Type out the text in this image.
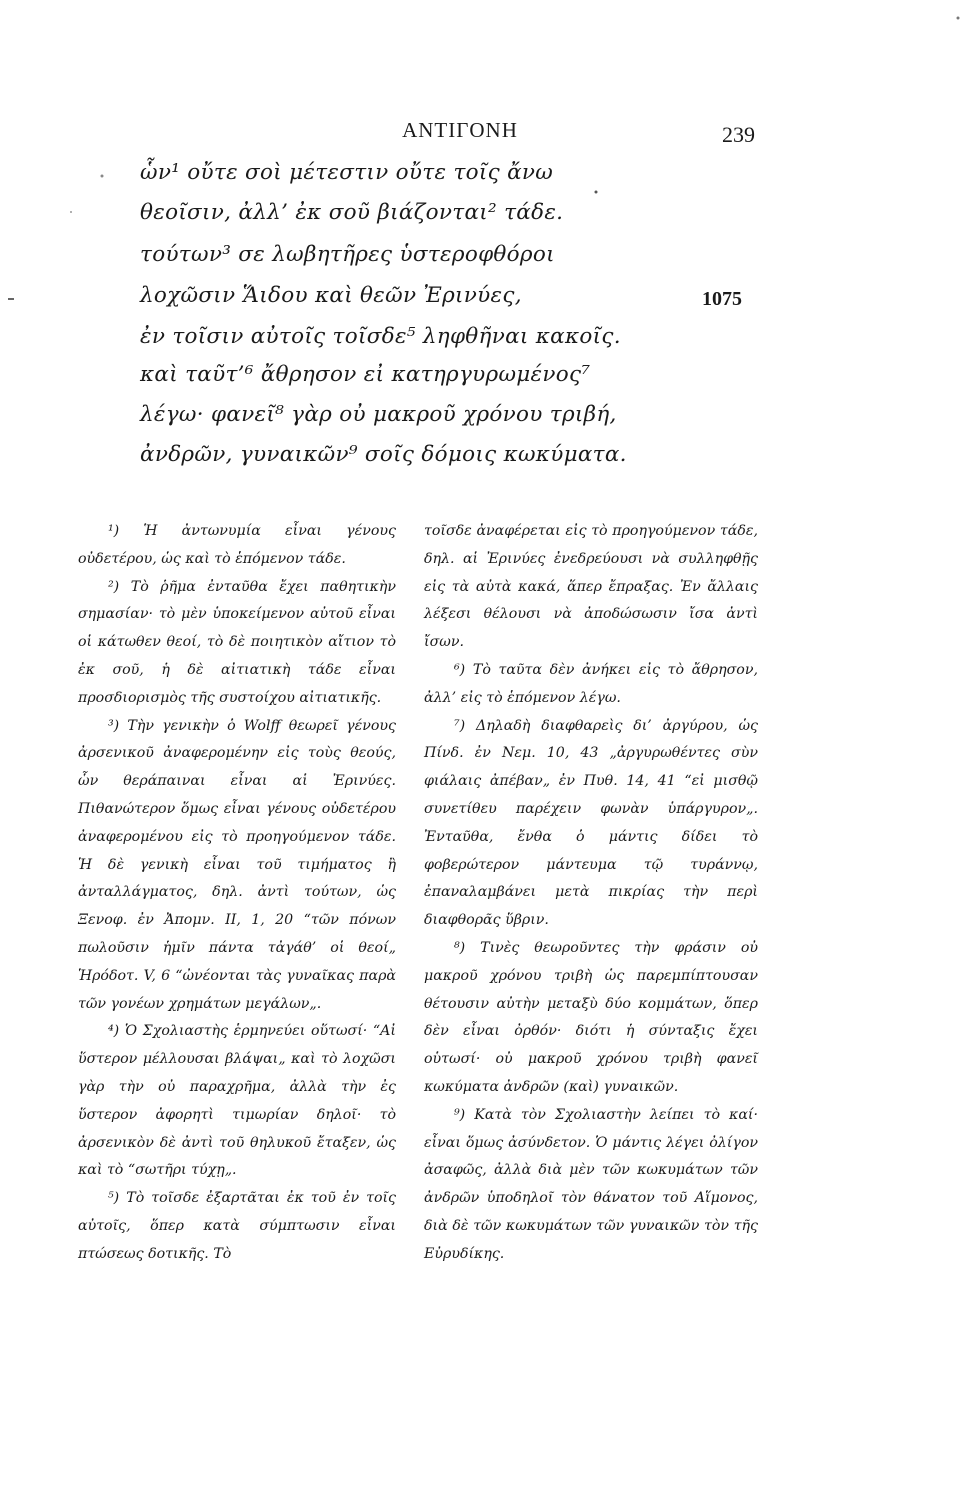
ΑΝΤΙΓΟΝΗ	239
ὧν¹ οὔτε σοὶ μέτεστιν οὔτε τοῖς ἄνω
θεοῖσιν, ἀλλ’ ἐκ σοῦ βιάζονται² τάδε.
τούτων³ σε λωβητῆρες ὑστεροφθόροι
λοχῶσιν Ἅιδου καὶ θεῶν Ἐρινύες,
ἐν τοῖσιν αὐτοῖς τοῖσδε⁵ ληφθῆναι κακοῖς.
καὶ ταῦτ’⁶ ἄθρησον εἰ κατηργυρωμένος⁷
λέγω· φανεῖ⁸ γὰρ οὐ μακροῦ χρόνου τριβή,
ἀνδρῶν, γυναικῶν⁹ σοῖς δόμοις κωκύματα.
1075

¹) Ἡ ἀντωνυμία εἶναι γένους οὐδετέρου, ὡς καὶ τὸ ἑπόμενον τάδε.

²) Τὸ ῥῆμα ἐνταῦθα ἔχει παθητικὴν σημασίαν· τὸ μὲν ὑποκείμενον αὐτοῦ εἶναι οἱ κάτωθεν θεοί, τὸ δὲ ποιητικὸν αἴτιον τὸ ἐκ σοῦ, ἡ δὲ αἰτιατικὴ τάδε εἶναι προσδιορισμὸς τῆς συστοίχου αἰτιατικῆς.

³) Τὴν γενικὴν ὁ Wolff θεωρεῖ γένους ἀρσενικοῦ ἀναφερομένην εἰς τοὺς θεούς, ὧν θεράπαιναι εἶναι αἱ Ἐρινύες. Πιθανώτερον ὅμως εἶναι γένους οὐδετέρου ἀναφερομένου εἰς τὸ προηγούμενον τάδε. Ἡ δὲ γενικὴ εἶναι τοῦ τιμήματος ἢ ἀνταλλάγματος, δηλ. ἀντὶ τούτων, ὡς Ξενοφ. ἐν Ἀπομν. ΙΙ, 1, 20 “τῶν πόνων πωλοῦσιν ἡμῖν πάντα τἀγάθ’ οἱ θεοί„ Ἡρόδοτ. V, 6 “ὠνέονται τὰς γυναῖκας παρὰ τῶν γονέων χρημάτων μεγάλων„.

⁴) Ὁ Σχολιαστὴς ἑρμηνεύει οὕτωσί· “Αἰ ὕστερον μέλλουσαι βλάψαι„ καὶ τὸ λοχῶσι γὰρ τὴν οὐ παραχρῆμα, ἀλλὰ τὴν ἐς ὕστερον ἀφορητὶ τιμωρίαν δηλοῖ· τὸ ἀρσενικὸν δὲ ἀντὶ τοῦ θηλυκοῦ ἔταξεν, ὡς καὶ τὸ “σωτῆρι τύχῃ„.

⁵) Τὸ τοῖσδε ἐξαρτᾶται ἐκ τοῦ ἐν τοῖς αὐτοῖς, ὅπερ κατὰ σύμπτωσιν εἶναι πτώσεως δοτικῆς. Τὸ

τοῖσδε ἀναφέρεται εἰς τὸ προηγούμενον τάδε, δηλ. αἱ Ἐρινύες ἐνεδρεύουσι νὰ συλληφθῇς εἰς τὰ αὐτὰ κακά, ἅπερ ἔπραξας. Ἐν ἄλλαις λέξεσι θέλουσι νὰ ἀποδώσωσιν ἴσα ἀντὶ ἴσων.

⁶) Τὸ ταῦτα δὲν ἀνήκει εἰς τὸ ἄθρησον, ἀλλ’ εἰς τὸ ἑπόμενον λέγω.

⁷) Δηλαδὴ διαφθαρεὶς δι’ ἀργύρου, ὡς Πίνδ. ἐν Νεμ. 10, 43 „ἀργυρωθέντες σὺν φιάλαις ἀπέβαν„ ἐν Πυθ. 14, 41 “εἰ μισθῷ συνετίθευ παρέχειν φωνὰν ὑπάργυρον„. Ἐνταῦθα, ἔνθα ὁ μάντις δίδει τὸ φοβερώτερον μάντευμα τῷ τυράννῳ, ἐπαναλαμβάνει μετὰ πικρίας τὴν περὶ διαφθορᾶς ὕβριν.

⁸) Τινὲς θεωροῦντες τὴν φράσιν οὐ μακροῦ χρόνου τριβὴ ὡς παρεμπίπτουσαν θέτουσιν αὐτὴν μεταξὺ δύο κομμάτων, ὅπερ δὲν εἶναι ὀρθόν· διότι ἡ σύνταξις ἔχει οὑτωσί· οὐ μακροῦ χρόνου τριβὴ φανεῖ κωκύματα ἀνδρῶν (καὶ) γυναικῶν.

⁹) Κατὰ τὸν Σχολιαστὴν λείπει τὸ καί· εἶναι ὅμως ἀσύνδετον. Ὁ μάντις λέγει ὀλίγον ἀσαφῶς, ἀλλὰ διὰ μὲν τῶν κωκυμάτων τῶν ἀνδρῶν ὑποδηλοῖ τὸν θάνατον τοῦ Αἵμονος, διὰ δὲ τῶν κωκυμάτων τῶν γυναικῶν τὸν τῆς Εὐρυδίκης.
